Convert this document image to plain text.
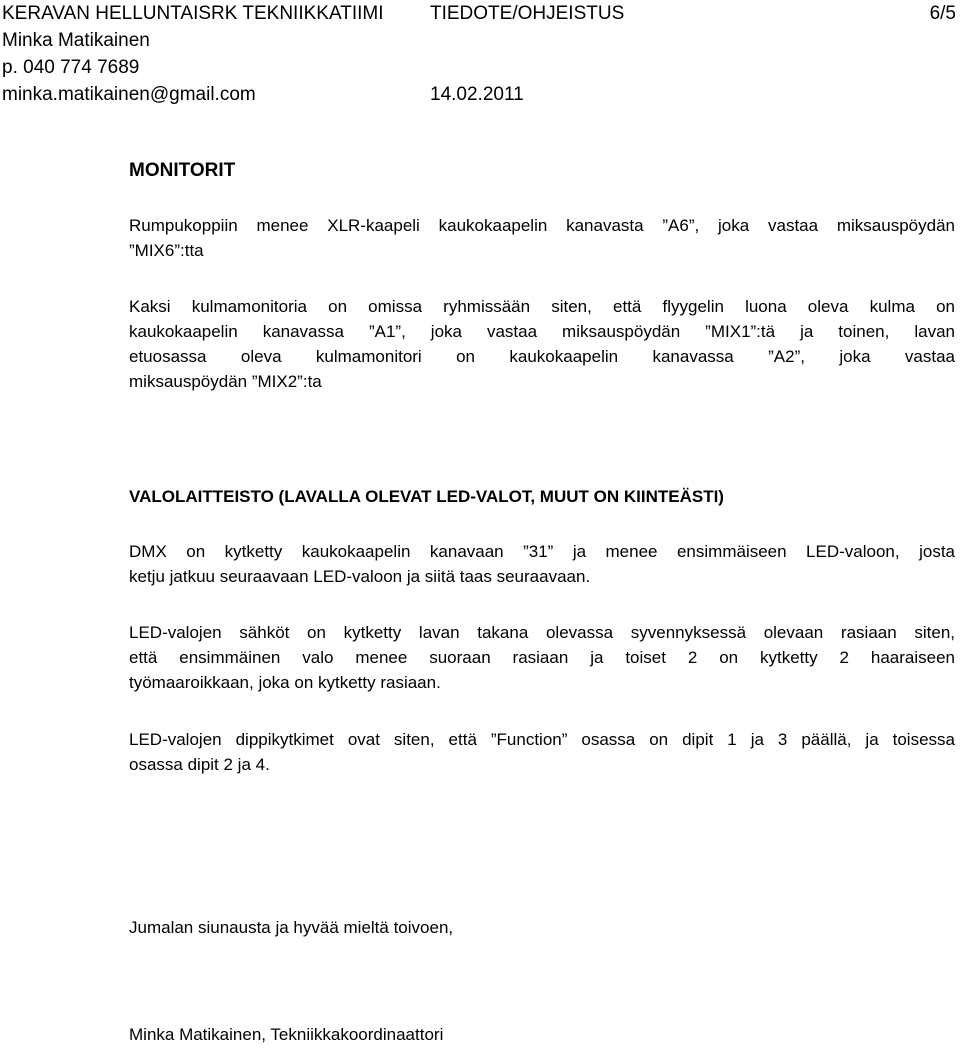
KERAVAN HELLUNTAISRK TEKNIIKKATIIMI TIEDOTE/OHJEISTUS	6/5
Minka Matikainen
p. 040 774 7689
minka.matikainen@gmail.com	14.02.2011
MONITORIT
Rumpukoppiin menee XLR-kaapeli kaukokaapelin kanavasta ”A6”, joka vastaa miksauspöydän
”MIX6”:tta
Kaksi kulmamonitoria on omissa ryhmissään siten, että flyygelin luona oleva kulma on
kaukokaapelin kanavassa ”A1”, joka vastaa miksauspöydän ”MIX1”:tä ja toinen, lavan
etuosassa oleva kulmamonitori on kaukokaapelin kanavassa ”A2”, joka vastaa
miksauspöydän ”MIX2”:ta
VALOLAITTEISTO (LAVALLA OLEVAT LED-VALOT, MUUT ON KIINTEÄSTI)
DMX on kytketty kaukokaapelin kanavaan ”31” ja menee ensimmäiseen LED-valoon, josta
ketju jatkuu seuraavaan LED-valoon ja siitä taas seuraavaan.
LED-valojen sähköt on kytketty lavan takana olevassa syvennyksessä olevaan rasiaan siten,
että ensimmäinen valo menee suoraan rasiaan ja toiset 2 on kytketty 2 haaraiseen
työmaaroikkaan, joka on kytketty rasiaan.
LED-valojen dippikytkimet ovat siten, että ”Function” osassa on dipit 1 ja 3 päällä, ja toisessa
osassa dipit 2 ja 4.
Jumalan siunausta ja hyvää mieltä toivoen,
Minka Matikainen, Tekniikkakoordinaattori
